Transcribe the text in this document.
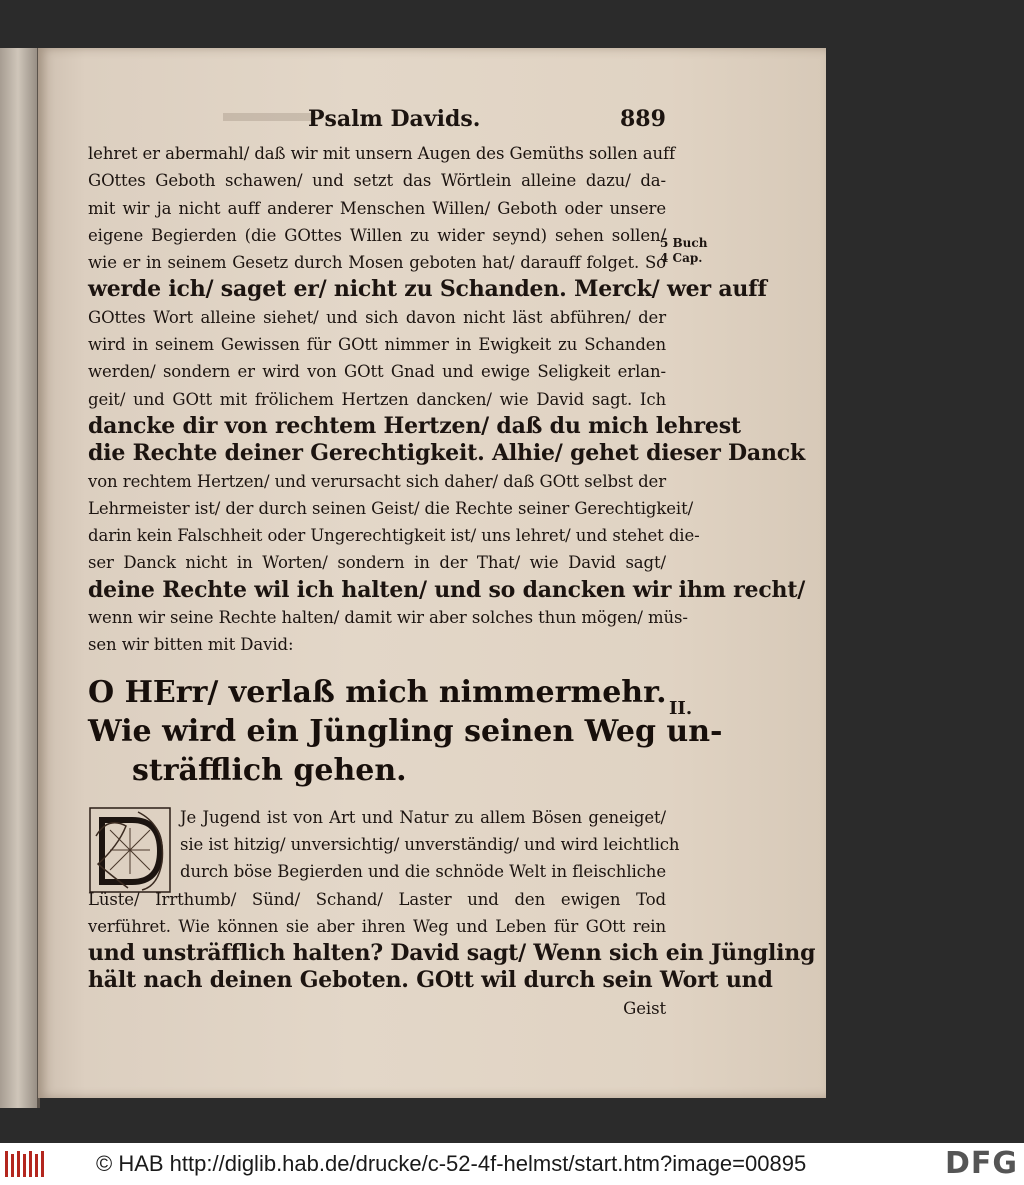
Psalm Davids.	889
5 Buch
4 Cap.
II.
lehret er abermahl/ daß wir mit unsern Augen des Gemüths sollen auff
GOttes Geboth schawen/ und setzt das Wörtlein alleine dazu/ da-
mit wir ja nicht auff anderer Menschen Willen/ Geboth oder unsere
eigene Begierden (die GOttes Willen zu wider seynd) sehen sollen/
wie er in seinem Gesetz durch Mosen geboten hat/ darauff folget. So
werde ich/ saget er/ nicht zu Schanden. Merck/ wer auff
GOttes Wort alleine siehet/ und sich davon nicht läst abführen/ der
wird in seinem Gewissen für GOtt nimmer in Ewigkeit zu Schanden
werden/ sondern er wird von GOtt Gnad und ewige Seligkeit erlan-
geit/ und GOtt mit frölichem Hertzen dancken/ wie David sagt. Ich
dancke dir von rechtem Hertzen/ daß du mich lehrest
die Rechte deiner Gerechtigkeit. Alhie/ gehet dieser Danck
von rechtem Hertzen/ und verursacht sich daher/ daß GOtt selbst der
Lehrmeister ist/ der durch seinen Geist/ die Rechte seiner Gerechtigkeit/
darin kein Falschheit oder Ungerechtigkeit ist/ uns lehret/ und stehet die-
ser Danck nicht in Worten/ sondern in der That/ wie David sagt/
deine Rechte wil ich halten/ und so dancken wir ihm recht/
wenn wir seine Rechte halten/ damit wir aber solches thun mögen/ müs-
sen wir bitten mit David:
O HErr/ verlaß mich nimmermehr.
Wie wird ein Jüngling seinen Weg un-
sträfflich gehen.
Je Jugend ist von Art und Natur zu allem Bösen geneiget/
sie ist hitzig/ unversichtig/ unverständig/ und wird leichtlich
durch böse Begierden und die schnöde Welt in fleischliche
Lüste/ Irrthumb/ Sünd/ Schand/ Laster und den ewigen Tod
verführet. Wie können sie aber ihren Weg und Leben für GOtt rein
und unsträfflich halten? David sagt/ Wenn sich ein Jüngling
hält nach deinen Geboten. GOtt wil durch sein Wort und
Geist
© HAB http://diglib.hab.de/drucke/c-52-4f-helmst/start.htm?image=00895	DFG
